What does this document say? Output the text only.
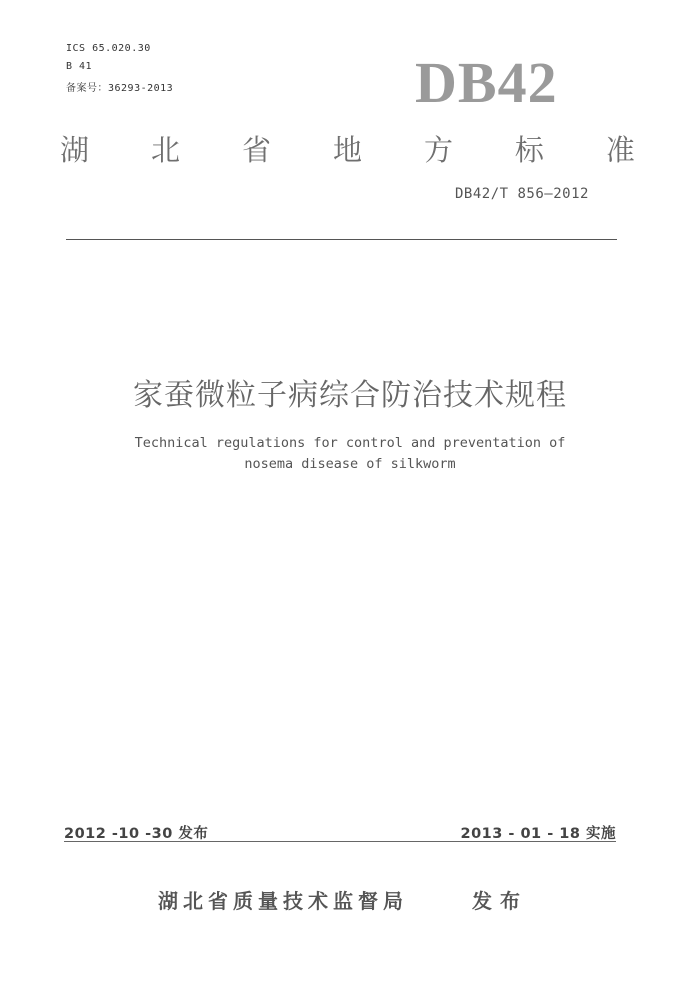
ICS 65.020.30
B 41
备案号：36293-2013	DB42
湖 北 省 地 方 标 准
DB42/T 856—2012
家蚕微粒子病综合防治技术规程
Technical regulations for control and preventation of
nosema disease of silkworm
2012 -10 -30 发布	2013 - 01 - 18 实施
湖北省质量技术监督局	发布
